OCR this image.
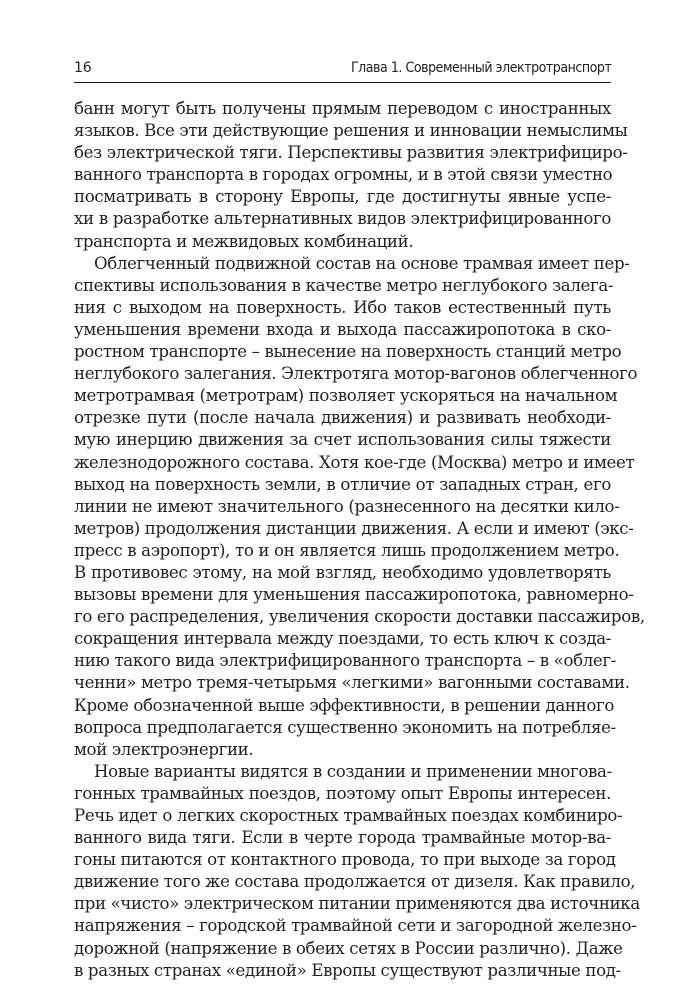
16	Глава 1. Современный электротранспорт
банн могут быть получены прямым переводом с иностранных
языков. Все эти действующие решения и инновации немыслимы
без электрической тяги. Перспективы развития электрифициро-
ванного транспорта в городах огромны, и в этой связи уместно
посматривать в сторону Европы, где достигнуты явные успе-
хи в разработке альтернативных видов электрифицированного
транспорта и межвидовых комбинаций.
Облегченный подвижной состав на основе трамвая имеет пер-
спективы использования в качестве метро неглубокого залега-
ния с выходом на поверхность. Ибо таков естественный путь
уменьшения времени входа и выхода пассажиропотока в ско-
ростном транспорте – вынесение на поверхность станций метро
неглубокого залегания. Электротяга мотор-вагонов облегченного
метротрамвая (метротрам) позволяет ускоряться на начальном
отрезке пути (после начала движения) и развивать необходи-
мую инерцию движения за счет использования силы тяжести
железнодорожного состава. Хотя кое-где (Москва) метро и имеет
выход на поверхность земли, в отличие от западных стран, его
линии не имеют значительного (разнесенного на десятки кило-
метров) продолжения дистанции движения. А если и имеют (экс-
пресс в аэропорт), то и он является лишь продолжением метро.
В противовес этому, на мой взгляд, необходимо удовлетворять
вызовы времени для уменьшения пассажиропотока, равномерно-
го его распределения, увеличения скорости доставки пассажиров,
сокращения интервала между поездами, то есть ключ к созда-
нию такого вида электрифицированного транспорта – в «облег-
ченни» метро тремя-четырьмя «легкими» вагонными составами.
Кроме обозначенной выше эффективности, в решении данного
вопроса предполагается существенно экономить на потребляе-
мой электроэнергии.
Новые варианты видятся в создании и применении многова-
гонных трамвайных поездов, поэтому опыт Европы интересен.
Речь идет о легких скоростных трамвайных поездах комбиниро-
ванного вида тяги. Если в черте города трамвайные мотор-ва-
гоны питаются от контактного провода, то при выходе за город
движение того же состава продолжается от дизеля. Как правило,
при «чисто» электрическом питании применяются два источника
напряжения – городской трамвайной сети и загородной железно-
дорожной (напряжение в обеих сетях в России различно). Даже
в разных странах «единой» Европы существуют различные под-
